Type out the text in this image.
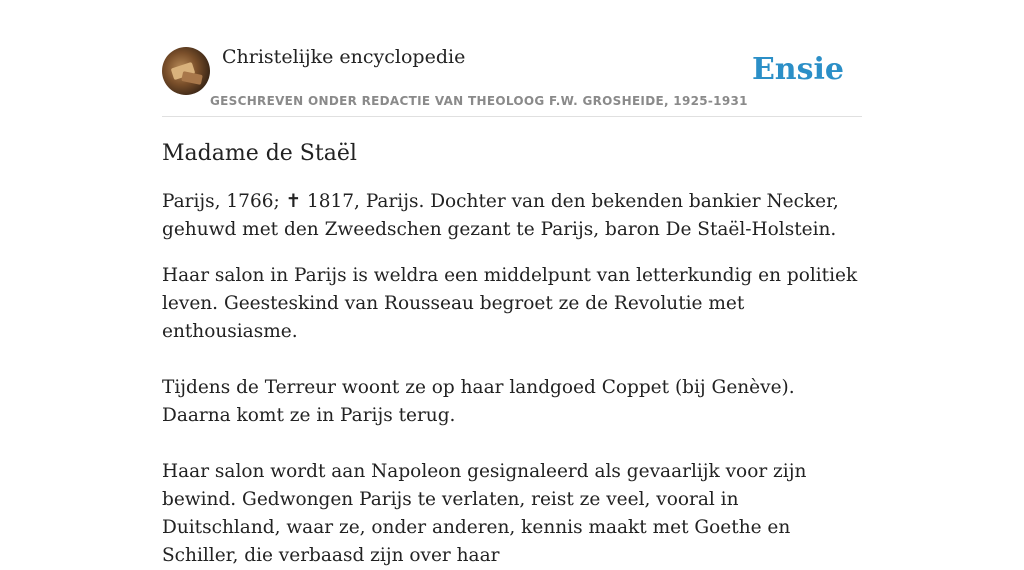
Christelijke encyclopedie
GESCHREVEN ONDER REDACTIE VAN THEOLOOG F.W. GROSHEIDE, 1925-1931
Ensie
Madame de Staël

Parijs, 1766; ✝ 1817, Parijs. Dochter van den bekenden bankier Necker, gehuwd met den Zweedschen gezant te Parijs, baron De Staël-Holstein.

Haar salon in Parijs is weldra een middelpunt van letterkundig en politiek leven. Geesteskind van Rousseau begroet ze de Revolutie met enthousiasme.

Tijdens de Terreur woont ze op haar landgoed Coppet (bij Genève). Daarna komt ze in Parijs terug.

Haar salon wordt aan Napoleon gesignaleerd als gevaarlijk voor zijn bewind. Gedwongen Parijs te verlaten, reist ze veel, vooral in Duitschland, waar ze, onder anderen, kennis maakt met Goethe en Schiller, die verbaasd zijn over haar
